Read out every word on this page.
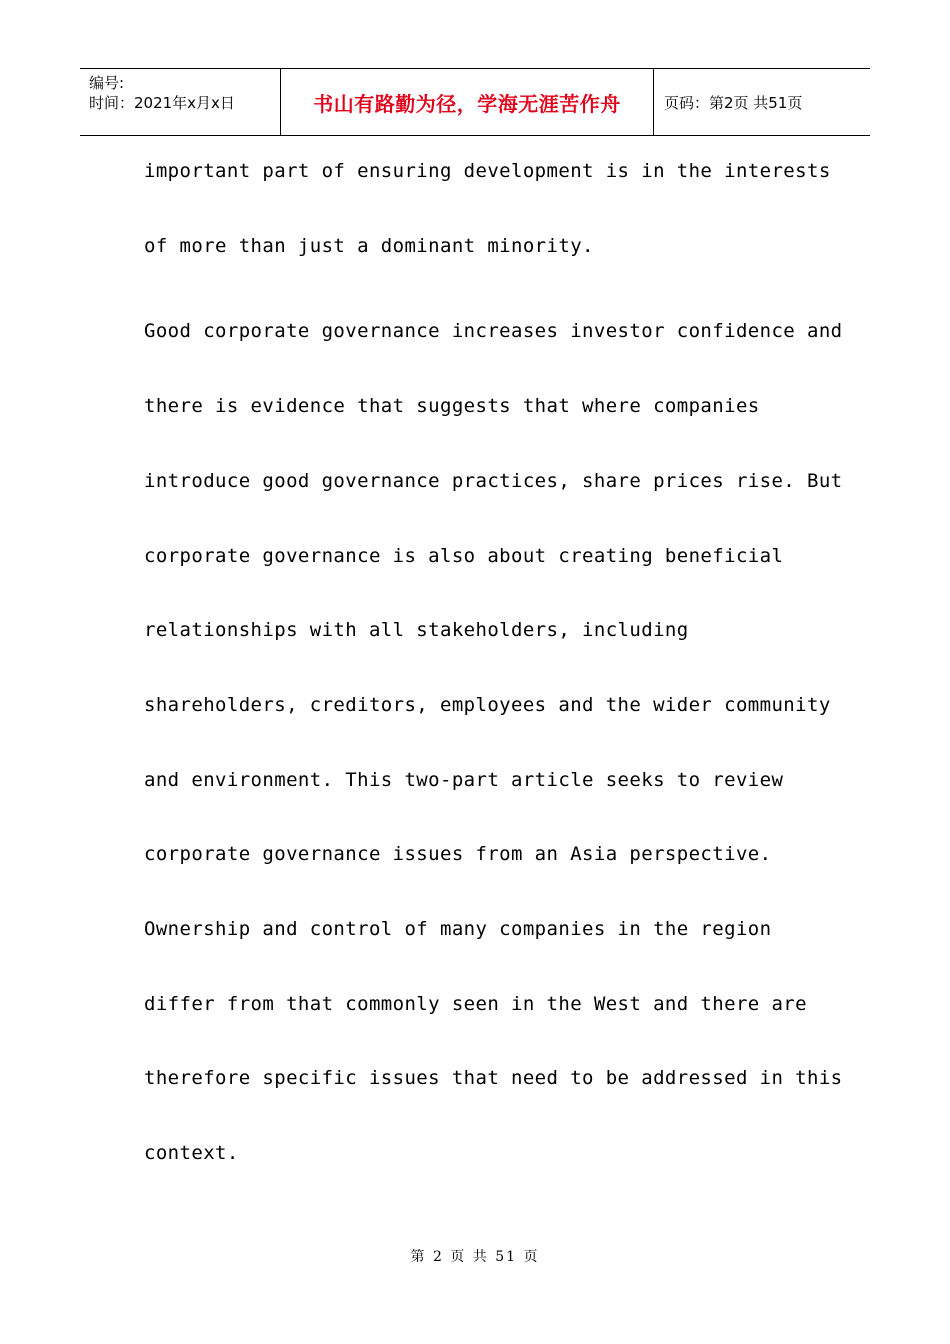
编号:
时间：2021年x月x日	书山有路勤为径，学海无涯苦作舟	页码：第2页 共51页
important part of ensuring development is in the interests
of more than just a dominant minority.
Good corporate governance increases investor confidence and
there is evidence that suggests that where companies
introduce good governance practices, share prices rise. But
corporate governance is also about creating beneficial
relationships with all stakeholders, including
shareholders, creditors, employees and the wider community
and environment. This two-part article seeks to review
corporate governance issues from an Asia perspective.
Ownership and control of many companies in the region
differ from that commonly seen in the West and there are
therefore specific issues that need to be addressed in this
context.
第 2 页 共 51 页
